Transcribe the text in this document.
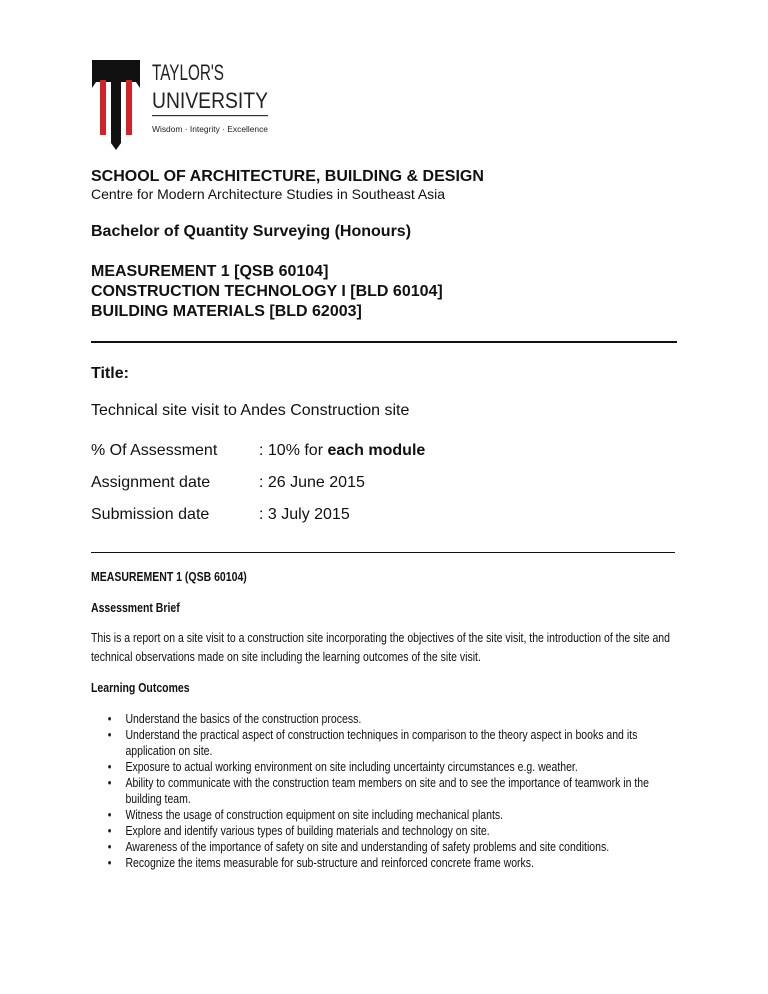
TAYLOR'S
UNIVERSITY
Wisdom · Integrity · Excellence
SCHOOL OF ARCHITECTURE, BUILDING & DESIGN
Centre for Modern Architecture Studies in Southeast Asia
Bachelor of Quantity Surveying (Honours)
MEASUREMENT 1 [QSB 60104]
CONSTRUCTION TECHNOLOGY I [BLD 60104]
BUILDING MATERIALS [BLD 62003]
Title:
Technical site visit to Andes Construction site
% Of Assessment	: 10% for each module
Assignment date	: 26 June 2015
Submission date	: 3 July 2015
MEASUREMENT 1 (QSB 60104)
Assessment Brief
This is a report on a site visit to a construction site incorporating the objectives of the site visit, the introduction of the site and technical observations made on site including the learning outcomes of the site visit.
Learning Outcomes
• Understand the basics of the construction process.
• Understand the practical aspect of construction techniques in comparison to the theory aspect in books and its application on site.
• Exposure to actual working environment on site including uncertainty circumstances e.g. weather.
• Ability to communicate with the construction team members on site and to see the importance of teamwork in the building team.
• Witness the usage of construction equipment on site including mechanical plants.
• Explore and identify various types of building materials and technology on site.
• Awareness of the importance of safety on site and understanding of safety problems and site conditions.
• Recognize the items measurable for sub-structure and reinforced concrete frame works.
